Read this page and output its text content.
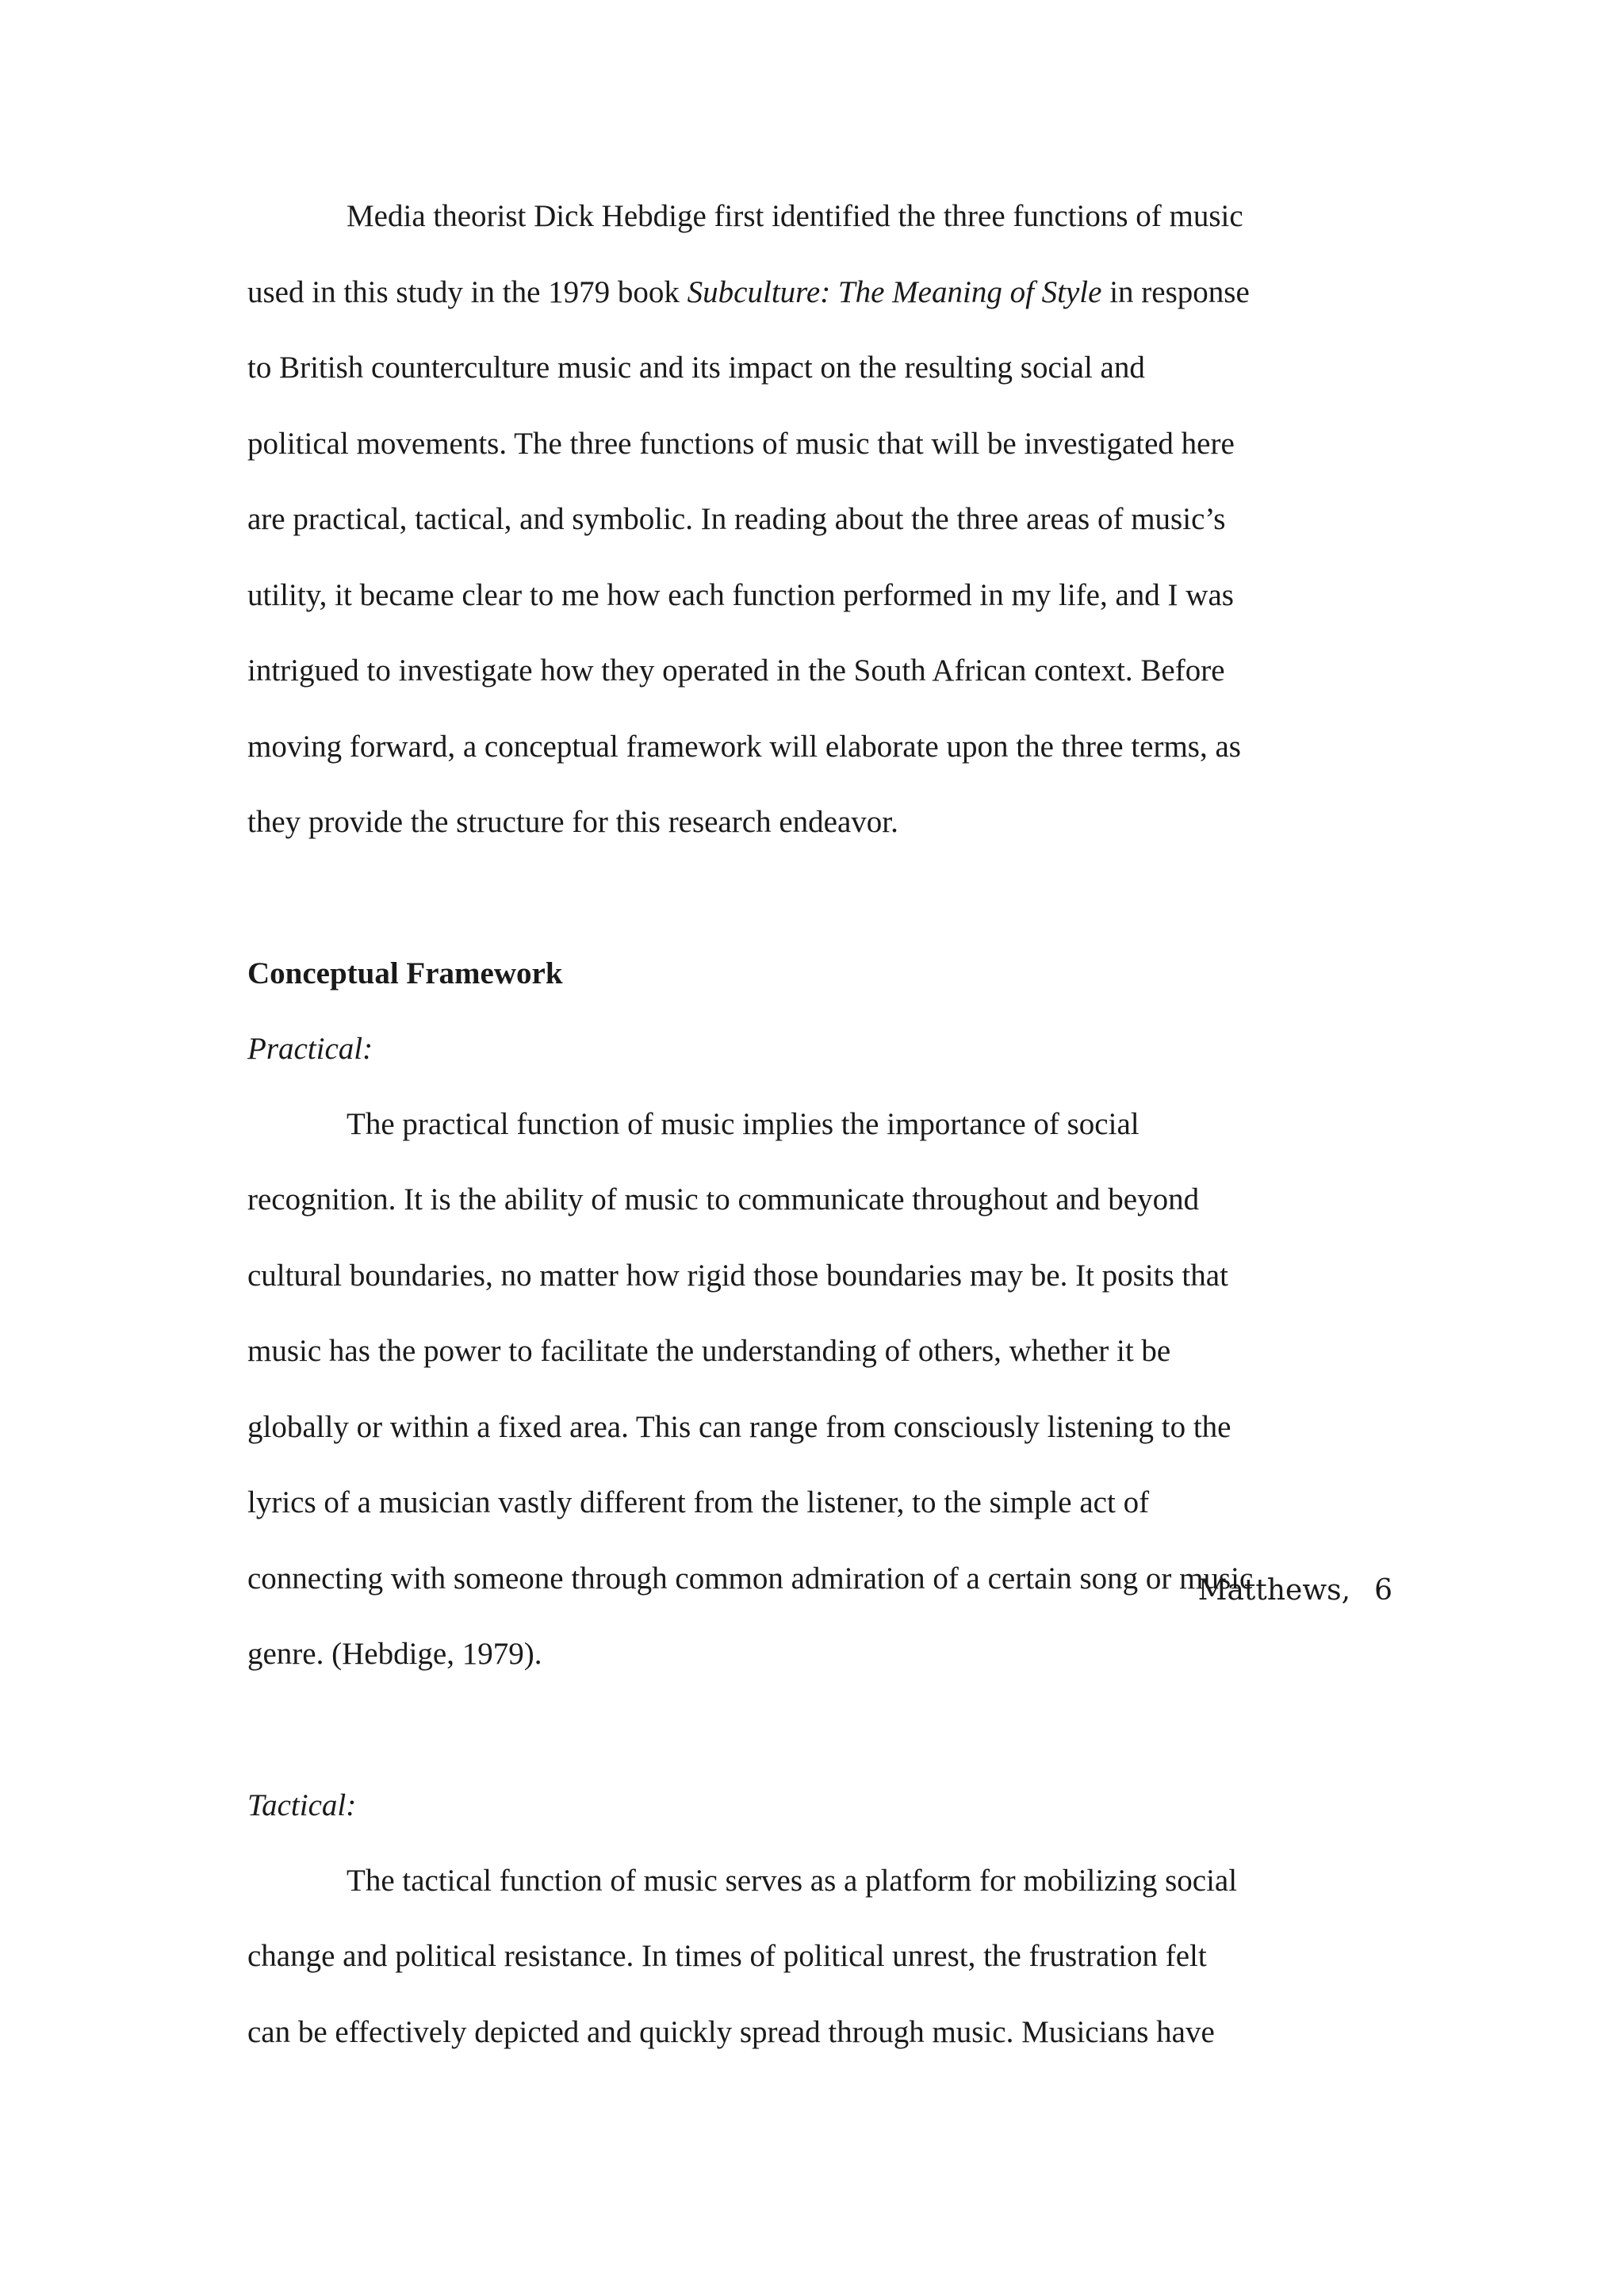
Media theorist Dick Hebdige first identified the three functions of music
used in this study in the 1979 book Subculture: The Meaning of Style in response
to British counterculture music and its impact on the resulting social and
political movements. The three functions of music that will be investigated here
are practical, tactical, and symbolic. In reading about the three areas of music’s
utility, it became clear to me how each function performed in my life, and I was
intrigued to investigate how they operated in the South African context. Before
moving forward, a conceptual framework will elaborate upon the three terms, as
they provide the structure for this research endeavor.
Conceptual Framework
Practical:
The practical function of music implies the importance of social
recognition. It is the ability of music to communicate throughout and beyond
cultural boundaries, no matter how rigid those boundaries may be. It posits that
music has the power to facilitate the understanding of others, whether it be
globally or within a fixed area. This can range from consciously listening to the
lyrics of a musician vastly different from the listener, to the simple act of
connecting with someone through common admiration of a certain song or music
genre. (Hebdige, 1979).
Tactical:
The tactical function of music serves as a platform for mobilizing social
change and political resistance. In times of political unrest, the frustration felt
can be effectively depicted and quickly spread through music. Musicians have
Matthews, 6
